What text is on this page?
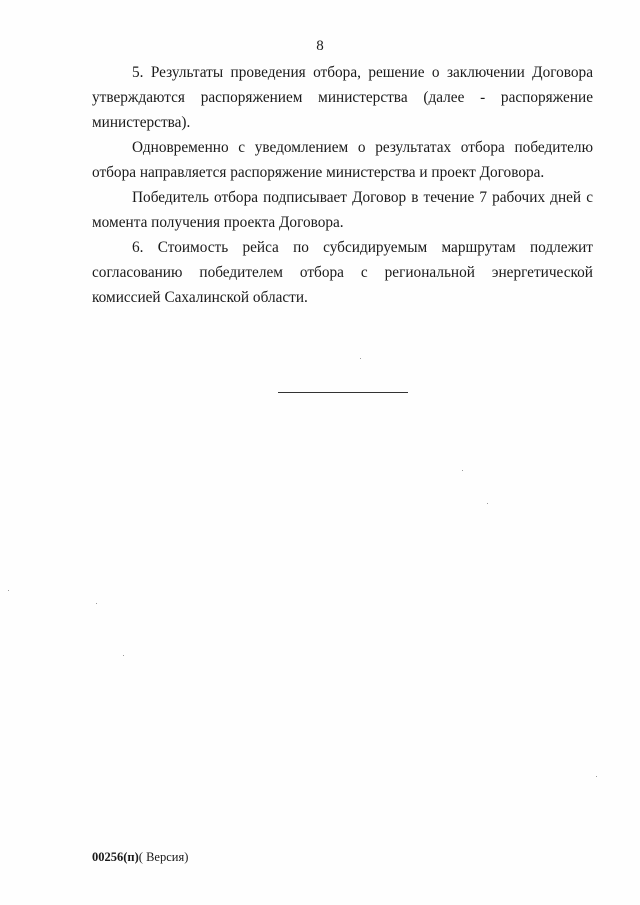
8

5. Результаты проведения отбора, решение о заключении Договора утверждаются распоряжением министерства (далее - распоряжение министерства).

Одновременно с уведомлением о результатах отбора победителю отбора направляется распоряжение министерства и проект Договора.

Победитель отбора подписывает Договор в течение 7 рабочих дней с момента получения проекта Договора.

6. Стоимость рейса по субсидируемым маршрутам подлежит согласованию победителем отбора с региональной энергетической комиссией Сахалинской области.

00256(п)( Версия)
